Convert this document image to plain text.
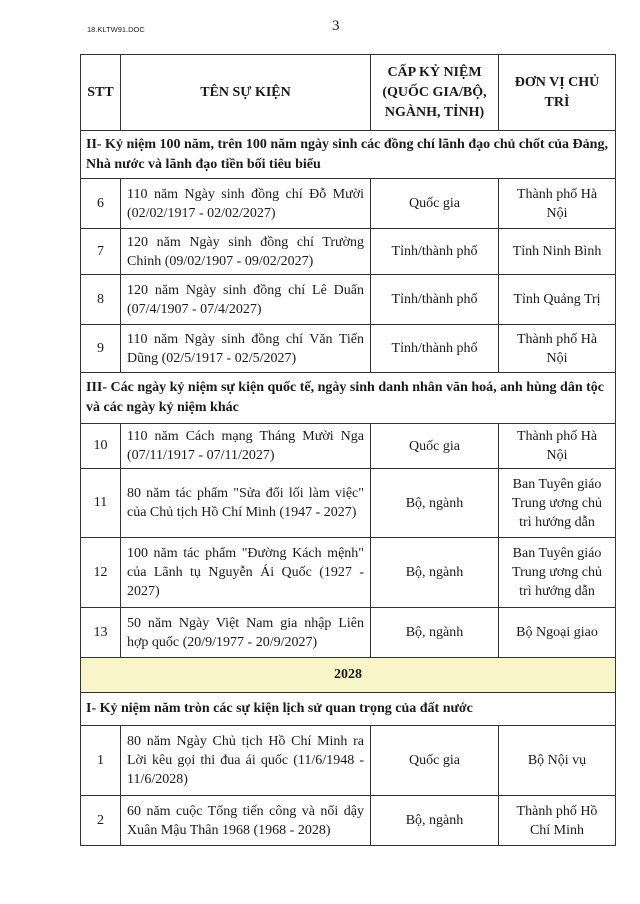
18.KLTW91.DOC	3
STT	TÊN SỰ KIỆN	CẤP KỶ NIỆM (QUỐC GIA/BỘ, NGÀNH, TỈNH)	ĐƠN VỊ CHỦ TRÌ
II- Kỷ niệm 100 năm, trên 100 năm ngày sinh các đồng chí lãnh đạo chủ chốt của Đảng, Nhà nước và lãnh đạo tiền bối tiêu biểu			
6	110 năm Ngày sinh đồng chí Đỗ Mười (02/02/1917 - 02/02/2027)	Quốc gia	Thành phố Hà Nội
7	120 năm Ngày sinh đồng chí Trường Chinh (09/02/1907 - 09/02/2027)	Tỉnh/thành phố	Tỉnh Ninh Bình
8	120 năm Ngày sinh đồng chí Lê Duẩn (07/4/1907 - 07/4/2027)	Tỉnh/thành phố	Tỉnh Quảng Trị
9	110 năm Ngày sinh đồng chí Văn Tiến Dũng (02/5/1917 - 02/5/2027)	Tỉnh/thành phố	Thành phố Hà Nội
III- Các ngày kỷ niệm sự kiện quốc tế, ngày sinh danh nhân văn hoá, anh hùng dân tộc và các ngày kỷ niệm khác			
10	110 năm Cách mạng Tháng Mười Nga (07/11/1917 - 07/11/2027)	Quốc gia	Thành phố Hà Nội
11	80 năm tác phẩm "Sửa đổi lối làm việc" của Chủ tịch Hồ Chí Minh (1947 - 2027)	Bộ, ngành	Ban Tuyên giáo Trung ương chủ trì hướng dẫn
12	100 năm tác phẩm "Đường Kách mệnh" của Lãnh tụ Nguyễn Ái Quốc (1927 - 2027)	Bộ, ngành	Ban Tuyên giáo Trung ương chủ trì hướng dẫn
13	50 năm Ngày Việt Nam gia nhập Liên hợp quốc (20/9/1977 - 20/9/2027)	Bộ, ngành	Bộ Ngoại giao
2028			
I- Kỷ niệm năm tròn các sự kiện lịch sử quan trọng của đất nước			
1	80 năm Ngày Chủ tịch Hồ Chí Minh ra Lời kêu gọi thi đua ái quốc (11/6/1948 - 11/6/2028)	Quốc gia	Bộ Nội vụ
2	60 năm cuộc Tổng tiến công và nổi dậy Xuân Mậu Thân 1968 (1968 - 2028)	Bộ, ngành	Thành phố Hồ Chí Minh
